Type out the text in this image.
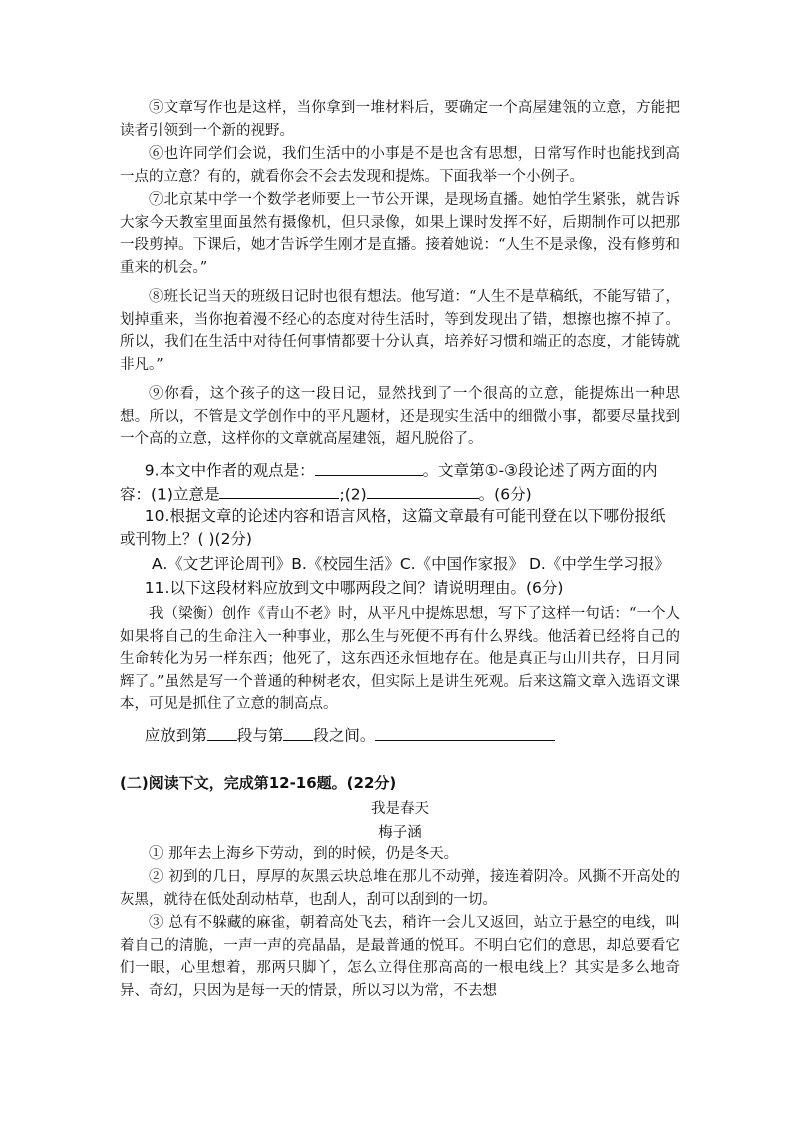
⑤文章写作也是这样，当你拿到一堆材料后，要确定一个高屋建瓴的立意，方能把读者引领到一个新的视野。

⑥也许同学们会说，我们生活中的小事是不是也含有思想，日常写作时也能找到高一点的立意？有的，就看你会不会去发现和提炼。下面我举一个小例子。

⑦北京某中学一个数学老师要上一节公开课，是现场直播。她怕学生紧张，就告诉大家今天教室里面虽然有摄像机，但只录像，如果上课时发挥不好，后期制作可以把那一段剪掉。下课后，她才告诉学生刚才是直播。接着她说：“人生不是录像，没有修剪和重来的机会。”

⑧班长记当天的班级日记时也很有想法。他写道：“人生不是草稿纸，不能写错了，划掉重来，当你抱着漫不经心的态度对待生活时，等到发现出了错，想擦也擦不掉了。所以，我们在生活中对待任何事情都要十分认真，培养好习惯和端正的态度，才能铸就非凡。”

⑨你看，这个孩子的这一段日记，显然找到了一个很高的立意，能提炼出一种思想。所以，不管是文学创作中的平凡题材，还是现实生活中的细微小事，都要尽量找到一个高的立意，这样你的文章就高屋建瓴，超凡脱俗了。

9.本文中作者的观点是：	。文章第①-③段论述了两方面的内容：(1)立意是	;(2)	。(6分)

10.根据文章的论述内容和语言风格，这篇文章最有可能刊登在以下哪份报纸或刊物上？( )(2分)

A.《文艺评论周刊》B.《校园生活》C.《中国作家报》 D.《中学生学习报》

11.以下这段材料应放到文中哪两段之间？请说明理由。(6分)

我（梁衡）创作《青山不老》时，从平凡中提炼思想，写下了这样一句话：“一个人如果将自己的生命注入一种事业，那么生与死便不再有什么界线。他活着已经将自己的生命转化为另一样东西；他死了，这东西还永恒地存在。他是真正与山川共存，日月同辉了。”虽然是写一个普通的种树老农，但实际上是讲生死观。后来这篇文章入选语文课本，可见是抓住了立意的制高点。

应放到第 段与第 段之间。

(二)阅读下文，完成第12-16题。(22分)

我是春天

梅子涵

① 那年去上海乡下劳动，到的时候，仍是冬天。

② 初到的几日，厚厚的灰黑云块总堆在那儿不动弹，接连着阴冷。风撕不开高处的灰黑，就待在低处刮动枯草，也刮人，刮可以刮到的一切。

③ 总有不躲藏的麻雀，朝着高处飞去，稍许一会儿又返回，站立于悬空的电线，叫着自己的清脆，一声一声的亮晶晶，是最普通的悦耳。不明白它们的意思，却总要看它们一眼，心里想着，那两只脚丫，怎么立得住那高高的一根电线上？其实是多么地奇异、奇幻，只因为是每一天的情景，所以习以为常，不去想
